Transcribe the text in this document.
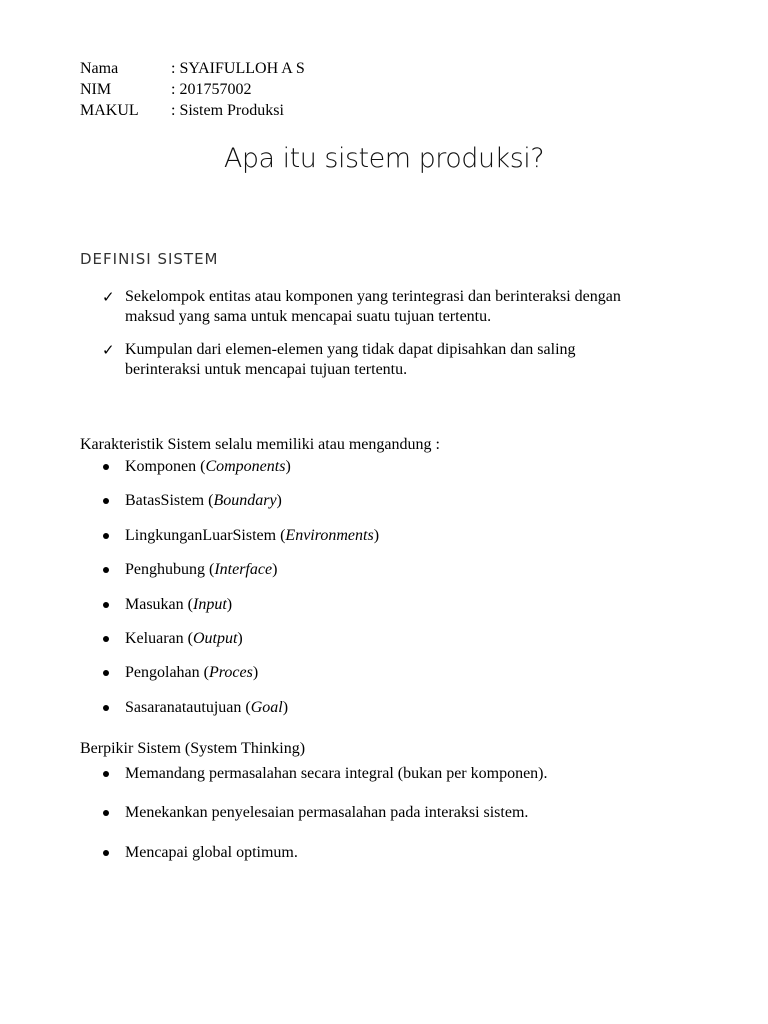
Nama	: SYAIFULLOH A S
NIM	: 201757002
MAKUL	: Sistem Produksi
Apa itu sistem produksi?
DEFINISI SISTEM
✓ Sekelompok entitas atau komponen yang terintegrasi dan berinteraksi dengan
maksud yang sama untuk mencapai suatu tujuan tertentu.
✓ Kumpulan dari elemen-elemen yang tidak dapat dipisahkan dan saling
berinteraksi untuk mencapai tujuan tertentu.
Karakteristik Sistem selalu memiliki atau mengandung :
Komponen (Components)
BatasSistem (Boundary)
LingkunganLuarSistem (Environments)
Penghubung (Interface)
Masukan (Input)
Keluaran (Output)
Pengolahan (Proces)
Sasaranatautujuan (Goal)
Berpikir Sistem (System Thinking)
Memandang permasalahan secara integral (bukan per komponen).
Menekankan penyelesaian permasalahan pada interaksi sistem.
Mencapai global optimum.
